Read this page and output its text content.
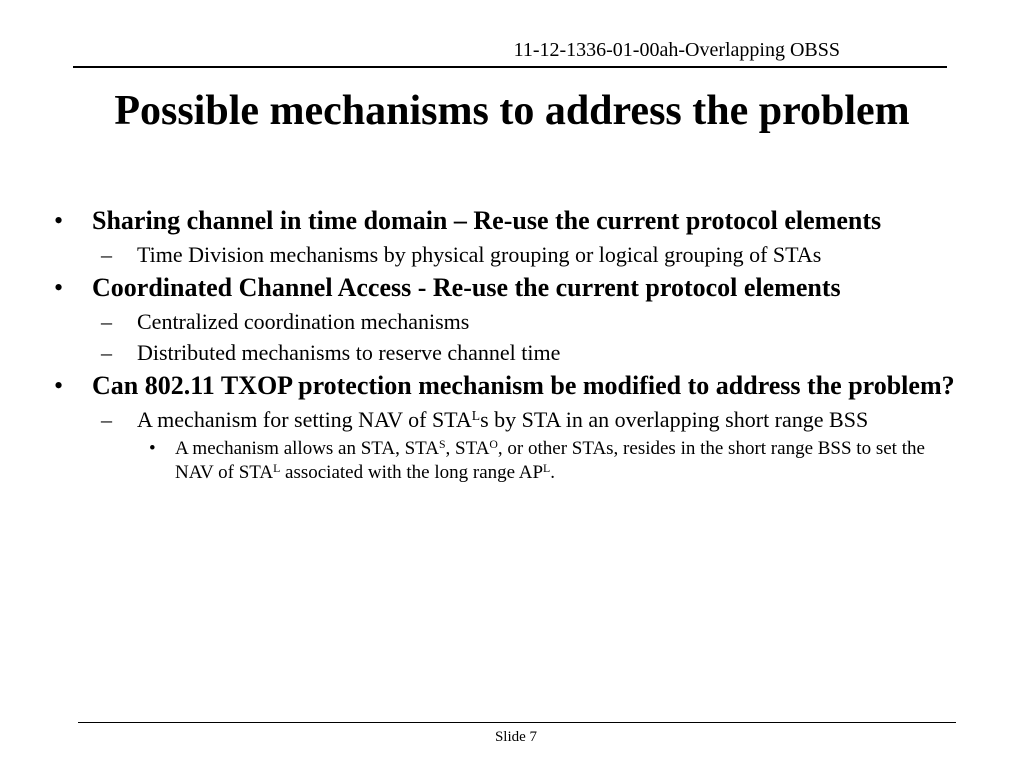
11-12-1336-01-00ah-Overlapping OBSS
Possible mechanisms to address the problem
• Sharing channel in time domain – Re-use the current protocol elements
– Time Division mechanisms by physical grouping or logical grouping of STAs
• Coordinated Channel Access - Re-use the current protocol elements
– Centralized coordination mechanisms
– Distributed mechanisms to reserve channel time
• Can 802.11 TXOP protection mechanism be modified to address the problem?
– A mechanism for setting NAV of $STA^Ls$ by STA in an overlapping short range BSS
• A mechanism allows an STA, $STA^S$, $STA^O$, or other STAs, resides in the short range BSS to set the NAV of $STA^L$ associated with the long range $AP^L$.
Slide 7
